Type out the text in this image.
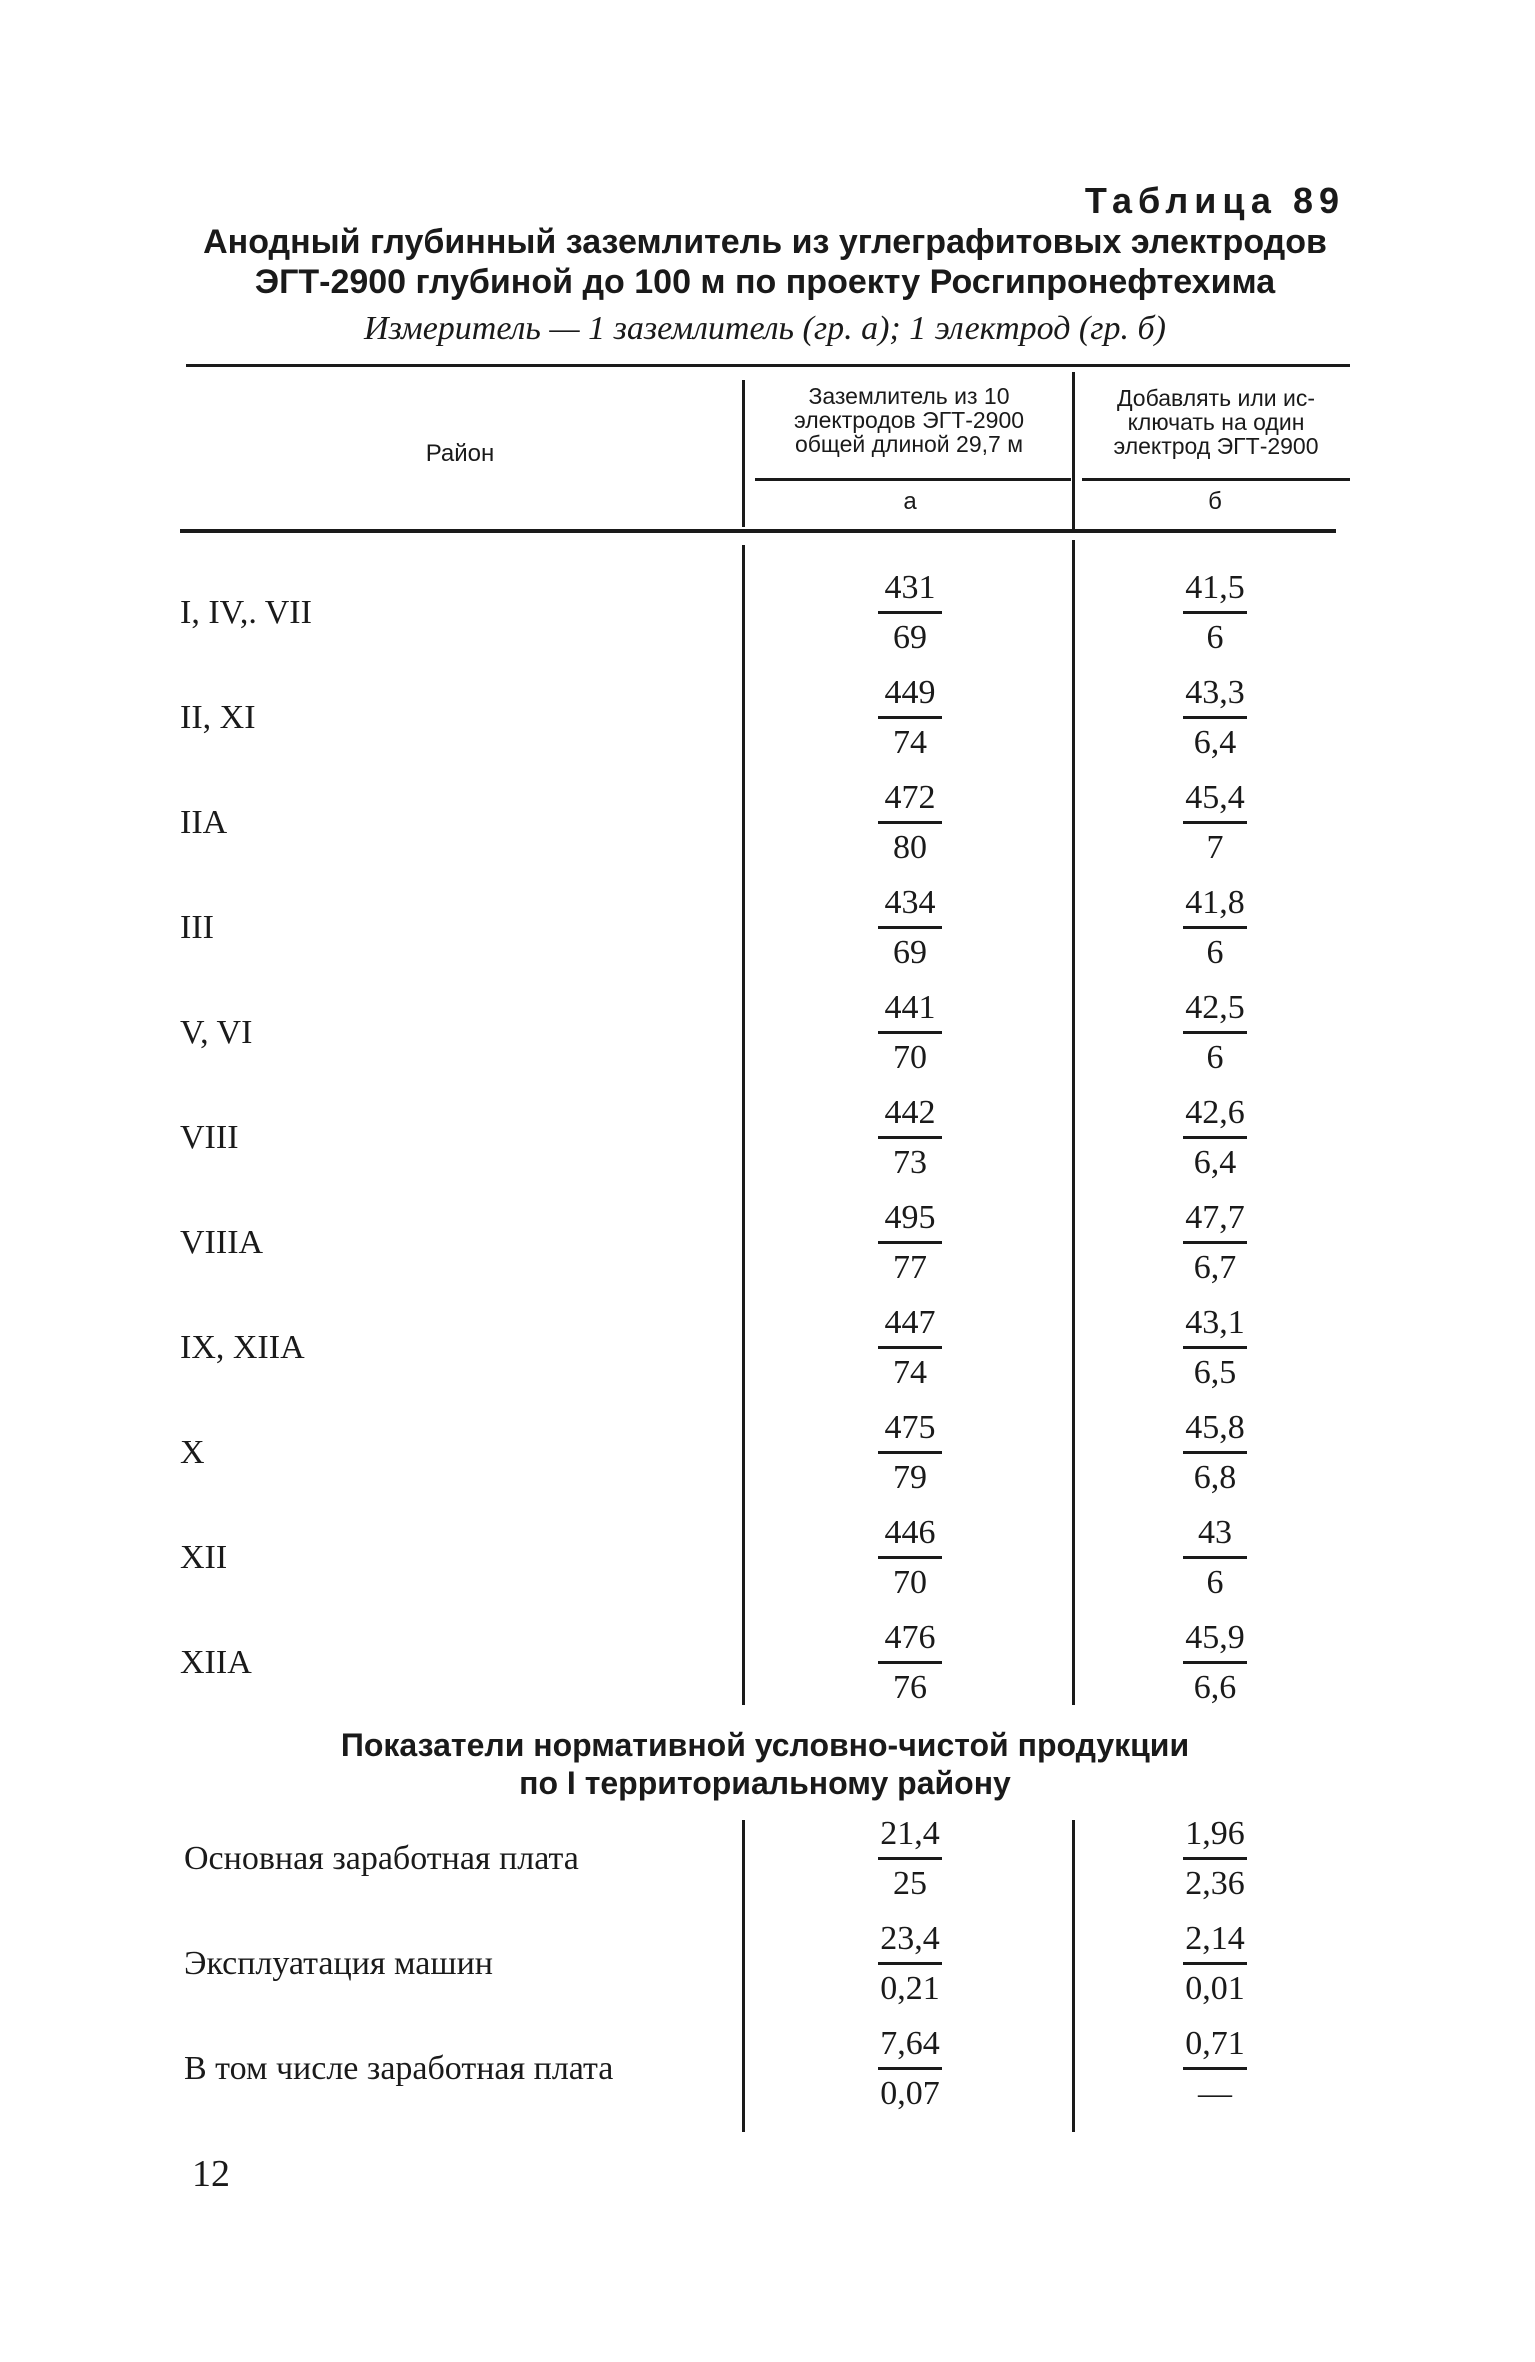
Таблица 89
Анодный глубинный заземлитель из углеграфитовых электродов
ЭГТ-2900 глубиной до 100 м по проекту Росгипронефтехима
Измеритель — 1 заземлитель (гр. а); 1 электрод (гр. б)
Район
Заземлитель из 10
электродов ЭГТ-2900
общей длиной 29,7 м
Добавлять или ис-
ключать на один
электрод ЭГТ-2900
а	б
I, IV,. VII
431
69
41,5
6
II, XI
449
74
43,3
6,4
IIA
472
80
45,4
7
III
434
69
41,8
6
V, VI
441
70
42,5
6
VIII
442
73
42,6
6,4
VIIIA
495
77
47,7
6,7
IX, XIIA
447
74
43,1
6,5
X
475
79
45,8
6,8
XII
446
70
43
6
XIIA
476
76
45,9
6,6
Показатели нормативной условно-чистой продукции
по I территориальному району
Основная заработная плата
21,4
25
1,96
2,36
Эксплуатация машин
23,4
0,21
2,14
0,01
В том числе заработная плата
7,64
0,07
0,71
—
12
